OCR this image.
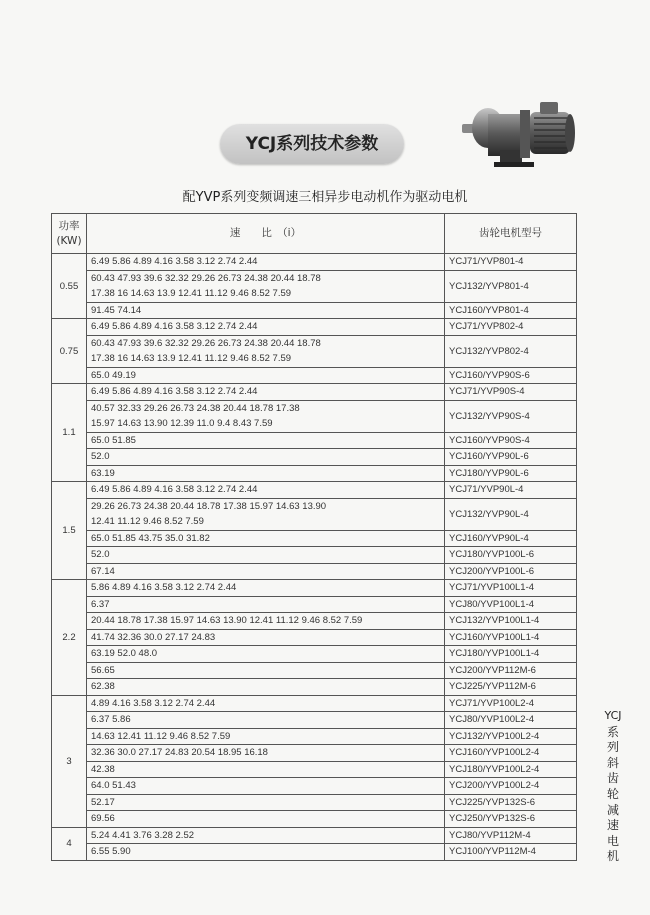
YCJ系列技术参数
配YVP系列变频调速三相异步电动机作为驱动电机
功率
(KW)	速　　比　（i）	齿轮电机型号
0.55	6.49 5.86 4.89 4.16 3.58 3.12 2.74 2.44	YCJ71/YVP801-4

	60.43 47.93 39.6 32.32 29.26 26.73 24.38 20.44 18.78
17.38 16 14.63 13.9 12.41 11.12 9.46 8.52 7.59	YCJ132/YVP801-4

	91.45 74.14	YCJ160/YVP801-4
0.75	6.49 5.86 4.89 4.16 3.58 3.12 2.74 2.44	YCJ71/YVP802-4

	60.43 47.93 39.6 32.32 29.26 26.73 24.38 20.44 18.78
17.38 16 14.63 13.9 12.41 11.12 9.46 8.52 7.59	YCJ132/YVP802-4

	65.0 49.19	YCJ160/YVP90S-6
1.1	6.49 5.86 4.89 4.16 3.58 3.12 2.74 2.44	YCJ71/YVP90S-4

	40.57 32.33 29.26 26.73 24.38 20.44 18.78 17.38
15.97 14.63 13.90 12.39 11.0 9.4 8.43 7.59	YCJ132/YVP90S-4

	65.0 51.85	YCJ160/YVP90S-4

	52.0	YCJ160/YVP90L-6

	63.19	YCJ180/YVP90L-6
1.5	6.49 5.86 4.89 4.16 3.58 3.12 2.74 2.44	YCJ71/YVP90L-4

	29.26 26.73 24.38 20.44 18.78 17.38 15.97 14.63 13.90
12.41 11.12 9.46 8.52 7.59	YCJ132/YVP90L-4

	65.0 51.85 43.75 35.0 31.82	YCJ160/YVP90L-4

	52.0	YCJ180/YVP100L-6

	67.14	YCJ200/YVP100L-6
2.2	5.86 4.89 4.16 3.58 3.12 2.74 2.44	YCJ71/YVP100L1-4

	6.37	YCJ80/YVP100L1-4

	20.44 18.78 17.38 15.97 14.63 13.90 12.41 11.12 9.46 8.52 7.59	YCJ132/YVP100L1-4

	41.74 32.36 30.0 27.17 24.83	YCJ160/YVP100L1-4

	63.19 52.0 48.0	YCJ180/YVP100L1-4

	56.65	YCJ200/YVP112M-6

	62.38	YCJ225/YVP112M-6
3	4.89 4.16 3.58 3.12 2.74 2.44	YCJ71/YVP100L2-4

	6.37 5.86	YCJ80/YVP100L2-4

	14.63 12.41 11.12 9.46 8.52 7.59	YCJ132/YVP100L2-4

	32.36 30.0 27.17 24.83 20.54 18.95 16.18	YCJ160/YVP100L2-4

	42.38	YCJ180/YVP100L2-4

	64.0 51.43	YCJ200/YVP100L2-4

	52.17	YCJ225/YVP132S-6

	69.56	YCJ250/YVP132S-6
4	5.24 4.41 3.76 3.28 2.52	YCJ80/YVP112M-4

	6.55 5.90	YCJ100/YVP112M-4
YCJ
系列斜齿轮减速电机
